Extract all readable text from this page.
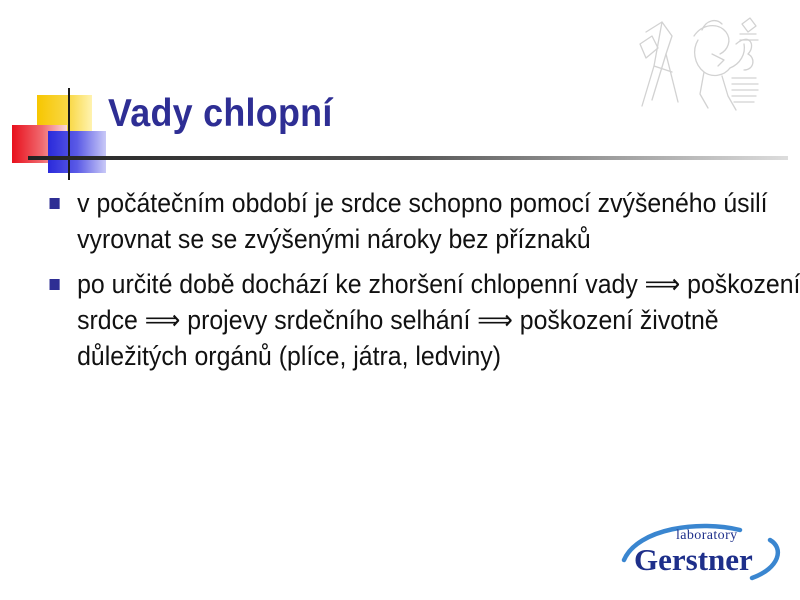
Vady chlopní
v počátečním období je srdce schopno pomocí zvýšeného úsilí vyrovnat se se zvýšenými nároky bez příznaků
po určité době dochází ke zhoršení chlopenní vady ⟹ poškození srdce ⟹ projevy srdečního selhání ⟹ poškození životně důležitých orgánů (plíce, játra, ledviny)
laboratory
Gerstner
